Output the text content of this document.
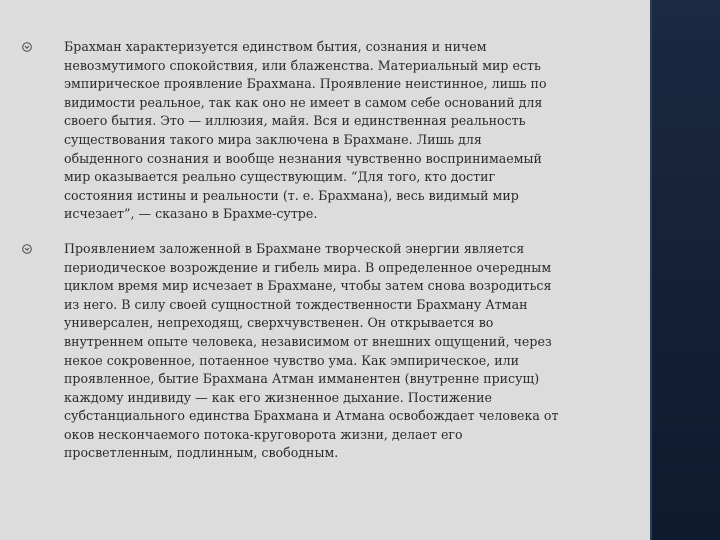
Брахман характеризуется единством бытия, сознания и ничем
невозмутимого спокойствия, или блаженства. Материальный мир есть
эмпирическое проявление Брахмана. Проявление неистинное, лишь по
видимости реальное, так как оно не имеет в самом себе оснований для
своего бытия. Это — иллюзия, майя. Вся и единственная реальность
существования такого мира заключена в Брахмане. Лишь для
обыденного сознания и вообще незнания чувственно воспринимаемый
мир оказывается реально существующим. “Для того, кто достиг
состояния истины и реальности (т. е. Брахмана), весь видимый мир
исчезает”, — сказано в Брахме-сутре.
Проявлением заложенной в Брахмане творческой энергии является
периодическое возрождение и гибель мира. В определенное очередным
циклом время мир исчезает в Брахмане, чтобы затем снова возродиться
из него. В силу своей сущностной тождественности Брахману Атман
универсален, непреходящ, сверхчувственен. Он открывается во
внутреннем опыте человека, независимом от внешних ощущений, через
некое сокровенное, потаенное чувство ума. Как эмпирическое, или
проявленное, бытие Брахмана Атман имманентен (внутренне присущ)
каждому индивиду — как его жизненное дыхание. Постижение
субстанциального единства Брахмана и Атмана освобождает человека от
оков нескончаемого потока-круговорота жизни, делает его
просветленным, подлинным, свободным.
